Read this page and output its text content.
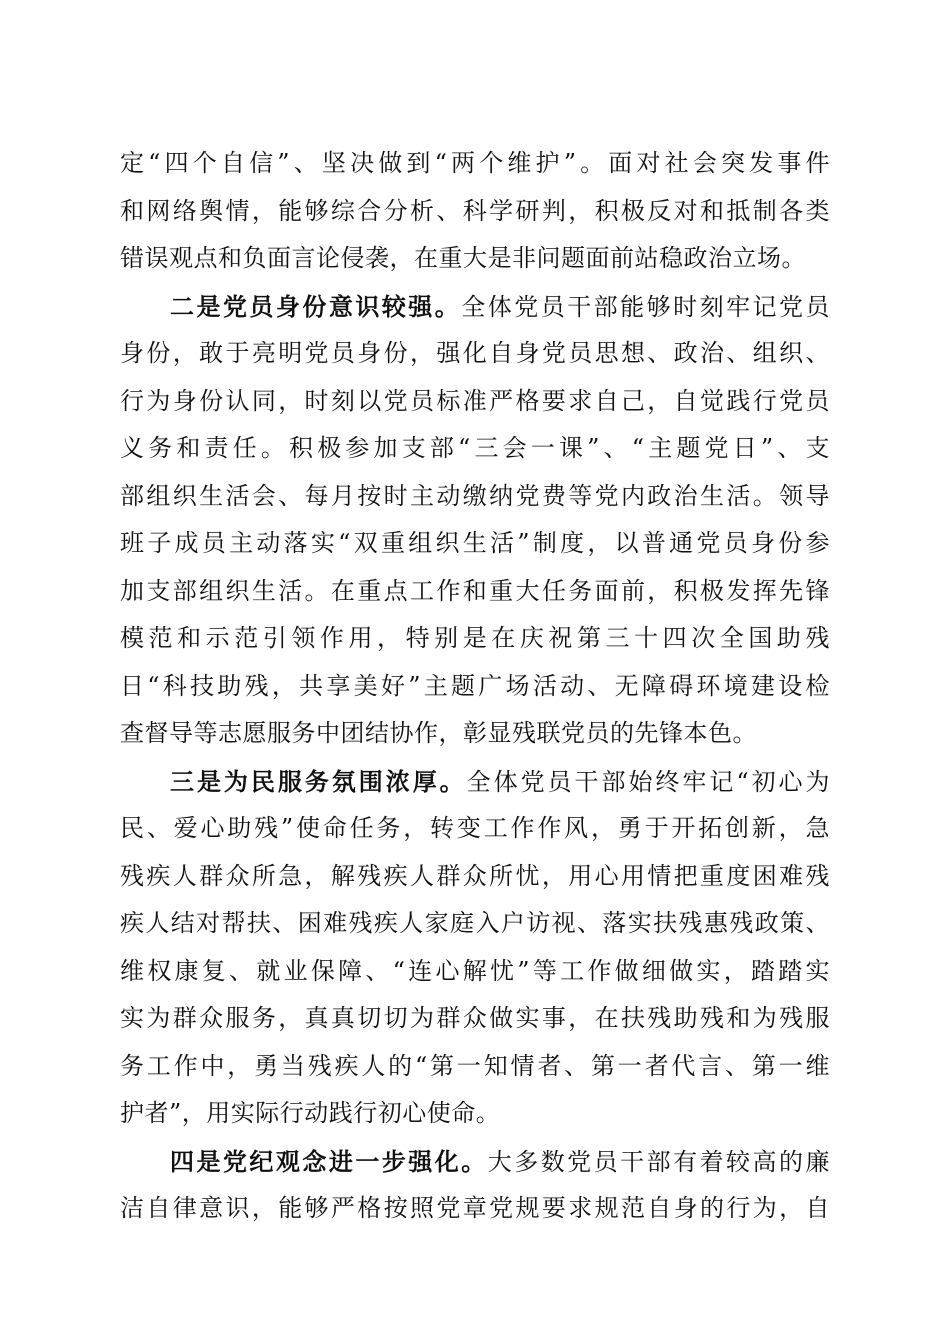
定“四个自信”、坚决做到“两个维护”。面对社会突发事件
和网络舆情，能够综合分析、科学研判，积极反对和抵制各类
错误观点和负面言论侵袭，在重大是非问题面前站稳政治立场。
二是党员身份意识较强。全体党员干部能够时刻牢记党员
身份，敢于亮明党员身份，强化自身党员思想、政治、组织、
行为身份认同，时刻以党员标准严格要求自己，自觉践行党员
义务和责任。积极参加支部“三会一课”、“主题党日”、支
部组织生活会、每月按时主动缴纳党费等党内政治生活。领导
班子成员主动落实“双重组织生活”制度，以普通党员身份参
加支部组织生活。在重点工作和重大任务面前，积极发挥先锋
模范和示范引领作用，特别是在庆祝第三十四次全国助残
日“科技助残，共享美好”主题广场活动、无障碍环境建设检
查督导等志愿服务中团结协作，彰显残联党员的先锋本色。
三是为民服务氛围浓厚。全体党员干部始终牢记“初心为
民、爱心助残”使命任务，转变工作作风，勇于开拓创新，急
残疾人群众所急，解残疾人群众所忧，用心用情把重度困难残
疾人结对帮扶、困难残疾人家庭入户访视、落实扶残惠残政策、
维权康复、就业保障、“连心解忧”等工作做细做实，踏踏实
实为群众服务，真真切切为群众做实事，在扶残助残和为残服
务工作中，勇当残疾人的“第一知情者、第一者代言、第一维
护者”，用实际行动践行初心使命。
四是党纪观念进一步强化。大多数党员干部有着较高的廉
洁自律意识，能够严格按照党章党规要求规范自身的行为，自
